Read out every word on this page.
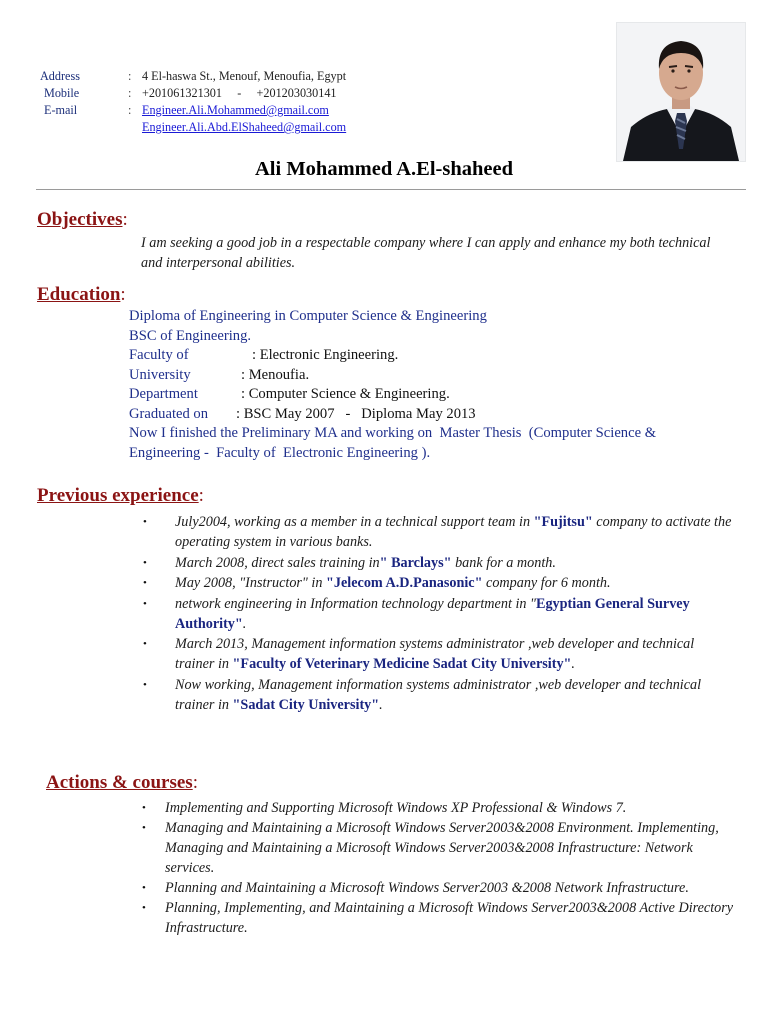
Address	: 4 El-haswa St., Menouf, Menoufia, Egypt
Mobile	: +201061321301     -     +201203030141
E-mail	: Engineer.Ali.Mohammed@gmail.com
Engineer.Ali.Abd.ElShaheed@gmail.com
Ali Mohammed A.El-shaheed
Objectives:
I am seeking a good job in a respectable company where I can apply and enhance my both technical and interpersonal abilities.
Education:
Diploma of Engineering in Computer Science & Engineering
BSC of Engineering.
Faculty of	: Electronic Engineering.
University	: Menoufia.
Department	: Computer Science & Engineering.
Graduated on	: BSC May 2007   -   Diploma May 2013
Now I finished the Preliminary MA and working on  Master Thesis  (Computer Science & Engineering -  Faculty of  Electronic Engineering ).
Previous experience:
• July2004, working as a member in a technical support team in "Fujitsu" company to activate the operating system in various banks.
• March 2008, direct sales training in" Barclays" bank for a month.
• May 2008, "Instructor" in "Jelecom A.D.Panasonic" company for 6 month.
• network engineering in Information technology department in "Egyptian General Survey Authority".
• March 2013, Management information systems administrator ,web developer and technical trainer in "Faculty of Veterinary Medicine Sadat City University".
• Now working, Management information systems administrator ,web developer and technical trainer in "Sadat City University".
Actions & courses:
• Implementing and Supporting Microsoft Windows XP Professional & Windows 7.
• Managing and Maintaining a Microsoft Windows Server2003&2008 Environment. Implementing, Managing and Maintaining a Microsoft Windows Server2003&2008 Infrastructure: Network services.
• Planning and Maintaining a Microsoft Windows Server2003 &2008 Network Infrastructure.
• Planning, Implementing, and Maintaining a Microsoft Windows Server2003&2008 Active Directory Infrastructure.
